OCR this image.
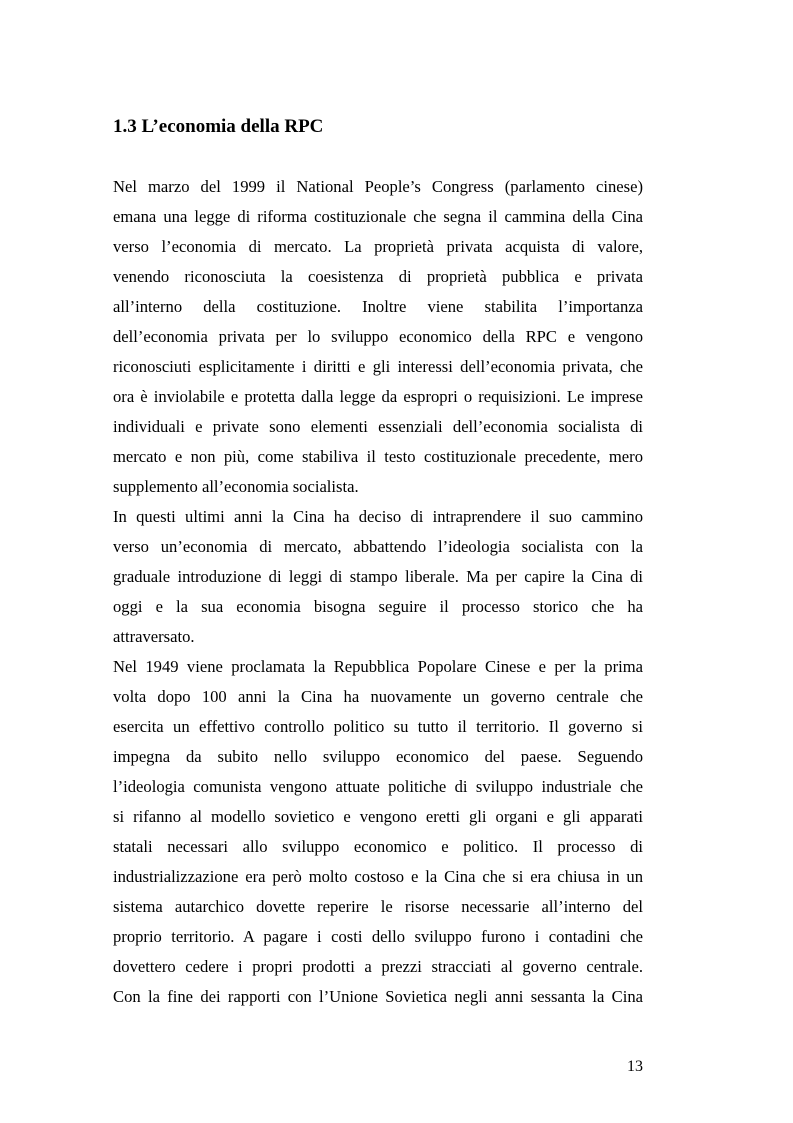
1.3 L’economia della RPC
Nel marzo del 1999 il National People’s Congress (parlamento cinese)
emana una legge di riforma costituzionale che segna il cammina della Cina
verso l’economia di mercato. La proprietà privata acquista di valore,
venendo riconosciuta la coesistenza di proprietà pubblica e privata
all’interno della costituzione. Inoltre viene stabilita l’importanza
dell’economia privata per lo sviluppo economico della RPC e vengono
riconosciuti esplicitamente i diritti e gli interessi dell’economia privata, che
ora è inviolabile e protetta dalla legge da espropri o requisizioni. Le imprese
individuali e private sono elementi essenziali dell’economia socialista di
mercato e non più, come stabiliva il testo costituzionale precedente, mero
supplemento all’economia socialista.
In questi ultimi anni la Cina ha deciso di intraprendere il suo cammino
verso un’economia di mercato, abbattendo l’ideologia socialista con la
graduale introduzione di leggi di stampo liberale. Ma per capire la Cina di
oggi e la sua economia bisogna seguire il processo storico che ha
attraversato.
Nel 1949 viene proclamata la Repubblica Popolare Cinese e per la prima
volta dopo 100 anni la Cina ha nuovamente un governo centrale che
esercita un effettivo controllo politico su tutto il territorio. Il governo si
impegna da subito nello sviluppo economico del paese. Seguendo
l’ideologia comunista vengono attuate politiche di sviluppo industriale che
si rifanno al modello sovietico e vengono eretti gli organi e gli apparati
statali necessari allo sviluppo economico e politico. Il processo di
industrializzazione era però molto costoso e la Cina che si era chiusa in un
sistema autarchico dovette reperire le risorse necessarie all’interno del
proprio territorio. A pagare i costi dello sviluppo furono i contadini che
dovettero cedere i propri prodotti a prezzi stracciati al governo centrale.
Con la fine dei rapporti con l’Unione Sovietica negli anni sessanta la Cina
13
